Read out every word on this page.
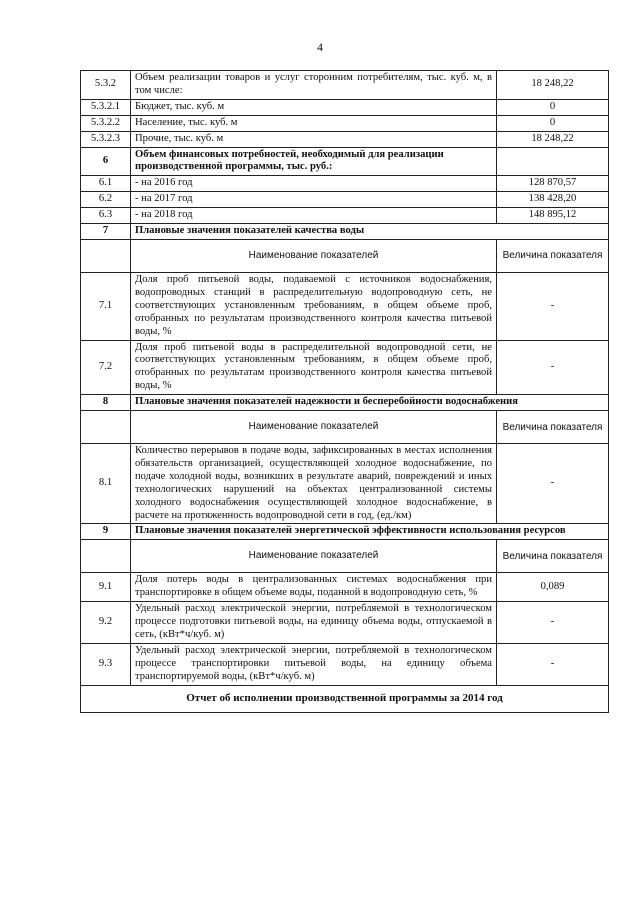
4
5.3.2	Объем реализации товаров и услуг сторонним потребителям, тыс. куб. м, в том числе:	18 248,22
5.3.2.1	Бюджет, тыс. куб. м	0
5.3.2.2	Население, тыс. куб. м	0
5.3.2.3	Прочие, тыс. куб. м	18 248,22
6	Объем финансовых потребностей, необходимый для реализации производственной программы, тыс. руб.:	
6.1	- на 2016 год	128 870,57
6.2	- на 2017 год	138 428,20
6.3	- на 2018 год	148 895,12
7	Плановые значения показателей качества воды	
	Наименование показателей	Величина показателя
7.1	Доля проб питьевой воды, подаваемой с источников водоснабжения, водопроводных станций в распределительную водопроводную сеть, не соответствующих установленным требованиям, в общем объеме проб, отобранных по результатам производственного контроля качества питьевой воды, %	-
7.2	Доля проб питьевой воды в распределительной водопроводной сети, не соответствующих установленным требованиям, в общем объеме проб, отобранных по результатам производственного контроля качества питьевой воды, %	-
8	Плановые значения показателей надежности и бесперебойности водоснабжения	
	Наименование показателей	Величина показателя
8.1	Количество перерывов в подаче воды, зафиксированных в местах исполнения обязательств организацией, осуществляющей холодное водоснабжение, по подаче холодной воды, возникших в результате аварий, повреждений и иных технологических нарушений на объектах централизованной системы холодного водоснабжения осуществляющей холодное водоснабжение, в расчете на протяженность водопроводной сети в год, (ед./км)	-
9	Плановые значения показателей энергетической эффективности использования ресурсов	
	Наименование показателей	Величина показателя
9.1	Доля потерь воды в централизованных системах водоснабжения при транспортировке в общем объеме воды, поданной в водопроводную сеть, %	0,089
9.2	Удельный расход электрической энергии, потребляемой в технологическом процессе подготовки питьевой воды, на единицу объема воды, отпускаемой в сеть, (кВт*ч/куб. м)	-
9.3	Удельный расход электрической энергии, потребляемой в технологическом процессе транспортировки питьевой воды, на единицу объема транспортируемой воды, (кВт*ч/куб. м)	-
Отчет об исполнении производственной программы за 2014 год		
